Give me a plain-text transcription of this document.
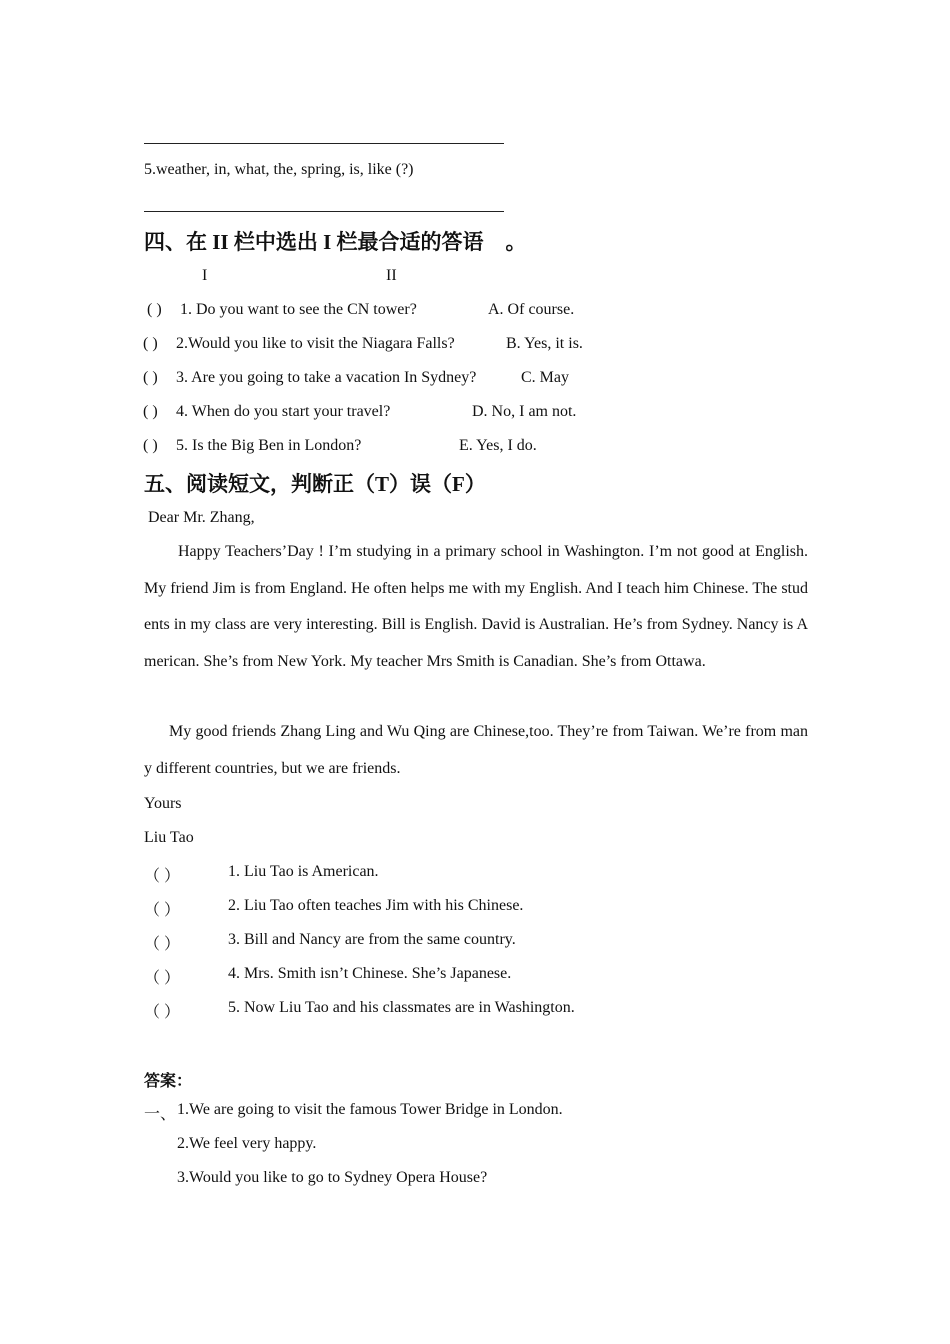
5.weather, in, what, the, spring, is, like (?)
四、在 II 栏中选出 I 栏最合适的答语 。
I	II
( ) 1. Do you want to see the CN tower?	A. Of course.
( ) 2.Would you like to visit the Niagara Falls?	B. Yes, it is.
( ) 3. Are you going to take a vacation In Sydney?	C. May
( ) 4. When do you start your travel?	D. No, I am not.
( ) 5. Is the Big Ben in London?	E. Yes, I do.
五、阅读短文，判断正（T）误（F）
Dear Mr. Zhang,
Happy Teachers’Day ! I’m studying in a primary school in Washington. I’m not good at English. My friend Jim is from England. He often helps me with my English. And I teach him Chinese. The students in my class are very interesting. Bill is English. David is Australian. He’s from Sydney. Nancy is American. She’s from New York. My teacher Mrs Smith is Canadian. She’s from Ottawa.
My good friends Zhang Ling and Wu Qing are Chinese,too. They’re from Taiwan. We’re from many different countries, but we are friends.
Yours
Liu Tao
（ ）	1. Liu Tao is American.
（ ）	2. Liu Tao often teaches Jim with his Chinese.
（ ）	3. Bill and Nancy are from the same country.
（ ）	4. Mrs. Smith isn’t Chinese. She’s Japanese.
（ ）	5. Now Liu Tao and his classmates are in Washington.
答案：
一、 1.We are going to visit the famous Tower Bridge in London.
2.We feel very happy.
3.Would you like to go to Sydney Opera House?
